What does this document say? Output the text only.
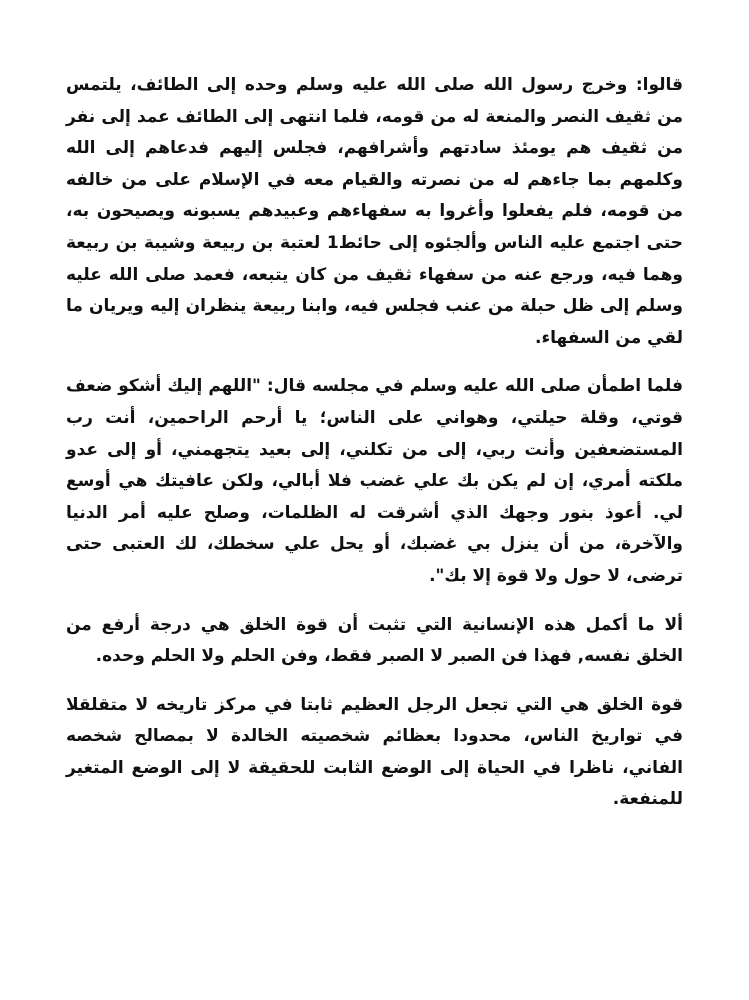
قالوا: وخرج رسول الله صلى الله عليه وسلم وحده إلى الطائف، يلتمس من ثقيف النصر والمنعة له من قومه، فلما انتهى إلى الطائف عمد إلى نفر من ثقيف هم يومئذ سادتهم وأشرافهم، فجلس إليهم فدعاهم إلى الله وكلمهم بما جاءهم له من نصرته والقيام معه في الإسلام على من خالفه من قومه، فلم يفعلوا وأغروا به سفهاءهم وعبيدهم يسبونه ويصيحون به، حتى اجتمع عليه الناس وألجئوه إلى حائط1 لعتبة بن ربيعة وشيبة بن ربيعة وهما فيه، ورجع عنه من سفهاء ثقيف من كان يتبعه، فعمد صلى الله عليه وسلم إلى ظل حبلة من عنب فجلس فيه، وابنا ربيعة ينظران إليه ويريان ما لقي من السفهاء.

فلما اطمأن صلى الله عليه وسلم في مجلسه قال: "اللهم إليك أشكو ضعف قوتي، وقلة حيلتي، وهواني على الناس؛ يا أرحم الراحمين، أنت رب المستضعفين وأنت ربي، إلى من تكلني، إلى بعيد يتجهمني، أو إلى عدو ملكته أمري، إن لم يكن بك علي غضب فلا أبالي، ولكن عافيتك هي أوسع لي. أعوذ بنور وجهك الذي أشرقت له الظلمات، وصلح عليه أمر الدنيا والآخرة، من أن ينزل بي غضبك، أو يحل علي سخطك، لك العتبى حتى ترضى، لا حول ولا قوة إلا بك".

ألا ما أكمل هذه الإنسانية التي تثبت أن قوة الخلق هي درجة أرفع من الخلق نفسه, فهذا فن الصبر لا الصبر فقط، وفن الحلم ولا الحلم وحده.

قوة الخلق هي التي تجعل الرجل العظيم ثابتا في مركز تاريخه لا متقلقلا في تواريخ الناس، محدودا بعظائم شخصيته الخالدة لا بمصالح شخصه الفاني، ناظرا في الحياة إلى الوضع الثابت للحقيقة لا إلى الوضع المتغير للمنفعة.
